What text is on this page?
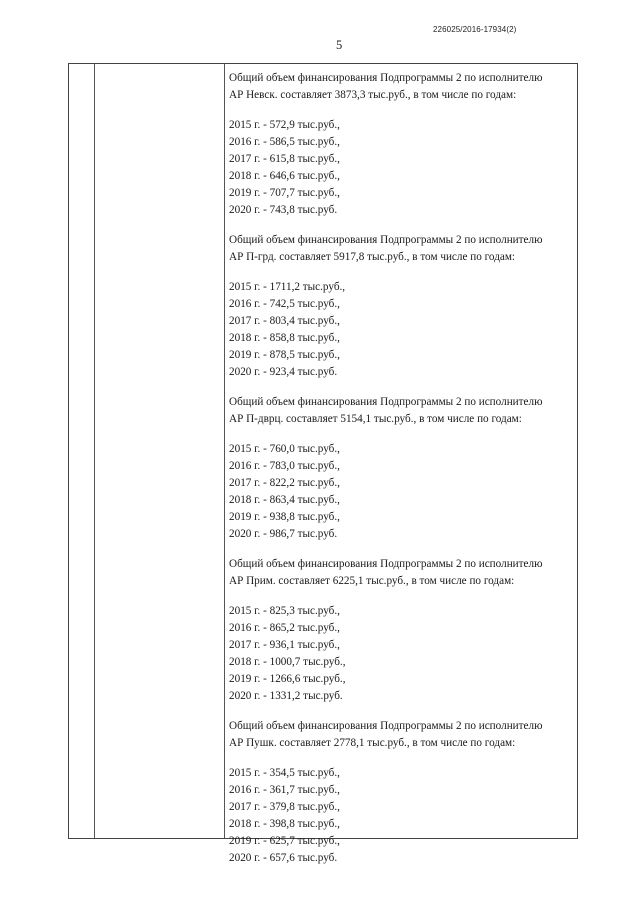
226025/2016-17934(2)
5
Общий объем финансирования Подпрограммы 2 по исполнителю
АР Невск. составляет 3873,3 тыс.руб., в том числе по годам:
2015 г. - 572,9 тыс.руб.,
2016 г. - 586,5 тыс.руб.,
2017 г. - 615,8 тыс.руб.,
2018 г. - 646,6 тыс.руб.,
2019 г. - 707,7 тыс.руб.,
2020 г. - 743,8 тыс.руб.
Общий объем финансирования Подпрограммы 2 по исполнителю
АР П-грд. составляет 5917,8 тыс.руб., в том числе по годам:
2015 г. - 1711,2 тыс.руб.,
2016 г. - 742,5 тыс.руб.,
2017 г. - 803,4 тыс.руб.,
2018 г. - 858,8 тыс.руб.,
2019 г. - 878,5 тыс.руб.,
2020 г. - 923,4 тыс.руб.
Общий объем финансирования Подпрограммы 2 по исполнителю
АР П-дврц. составляет 5154,1 тыс.руб., в том числе по годам:
2015 г. - 760,0 тыс.руб.,
2016 г. - 783,0 тыс.руб.,
2017 г. - 822,2 тыс.руб.,
2018 г. - 863,4 тыс.руб.,
2019 г. - 938,8 тыс.руб.,
2020 г. - 986,7 тыс.руб.
Общий объем финансирования Подпрограммы 2 по исполнителю
АР Прим. составляет 6225,1 тыс.руб., в том числе по годам:
2015 г. - 825,3 тыс.руб.,
2016 г. - 865,2 тыс.руб.,
2017 г. - 936,1 тыс.руб.,
2018 г. - 1000,7 тыс.руб.,
2019 г. - 1266,6 тыс.руб.,
2020 г. - 1331,2 тыс.руб.
Общий объем финансирования Подпрограммы 2 по исполнителю
АР Пушк. составляет 2778,1 тыс.руб., в том числе по годам:
2015 г. - 354,5 тыс.руб.,
2016 г. - 361,7 тыс.руб.,
2017 г. - 379,8 тыс.руб.,
2018 г. - 398,8 тыс.руб.,
2019 г. - 625,7 тыс.руб.,
2020 г. - 657,6 тыс.руб.
